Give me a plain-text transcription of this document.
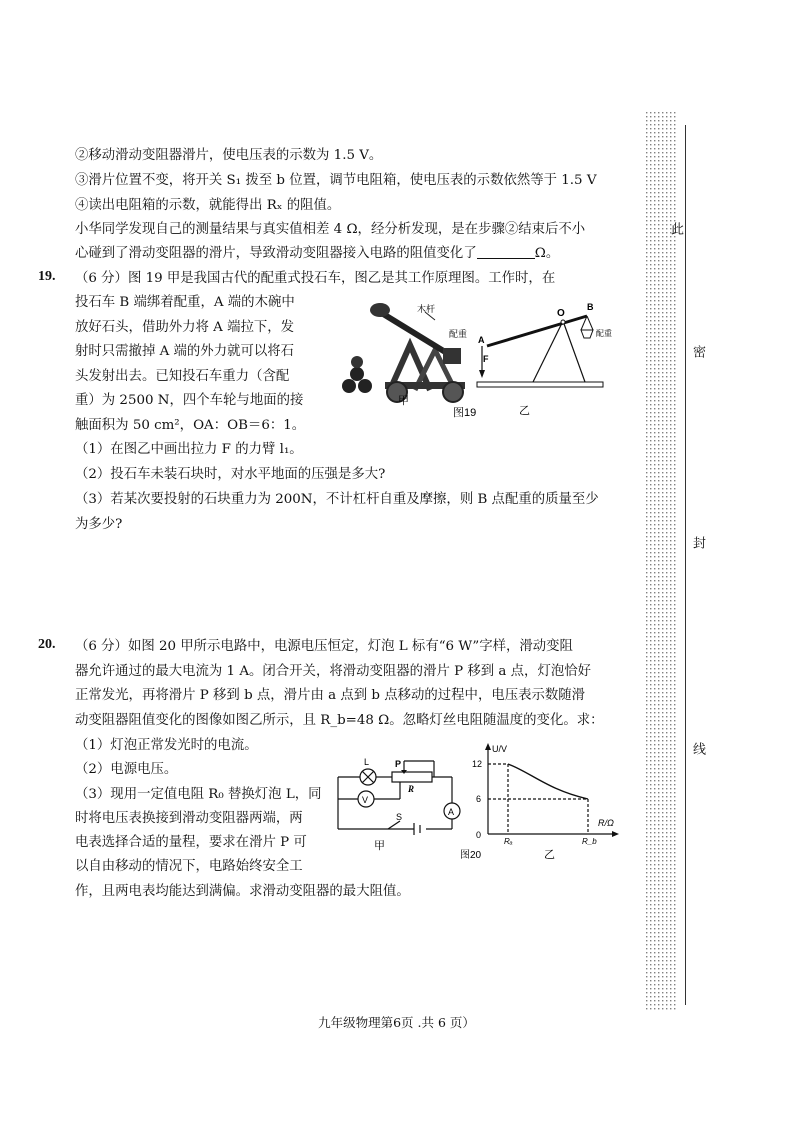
②移动滑动变阻器滑片，使电压表的示数为 1.5 V。
③滑片位置不变，将开关 S₁ 拨至 b 位置，调节电阻箱，使电压表的示数依然等于 1.5 V
④读出电阻箱的示数，就能得出 Rₓ 的阻值。
小华同学发现自己的测量结果与真实值相差 4 Ω，经分析发现，是在步骤②结束后不小
心碰到了滑动变阻器的滑片，导致滑动变阻器接入电路的阻值变化了	Ω。
19. （6 分）图 19 甲是我国古代的配重式投石车，图乙是其工作原理图。工作时，在
投石车 B 端绑着配重，A 端的木碗中
放好石头，借助外力将 A 端拉下，发
射时只需撤掉 A 端的外力就可以将石
头发射出去。已知投石车重力（含配
重）为 2500 N，四个车轮与地面的接
触面积为 50 cm²，OA：OB＝6：1。
（1）在图乙中画出拉力 F 的力臂 l₁。
（2）投石车未装石块时，对水平地面的压强是多大?
（3）若某次要投射的石块重力为 200N，不计杠杆自重及摩擦，则 B 点配重的质量至少
为多少?
木杆
配重
甲
图19
A
B
O
F
配重
乙
20. （6 分）如图 20 甲所示电路中，电源电压恒定，灯泡 L 标有“6 W”字样，滑动变阻
器允许通过的最大电流为 1 A。闭合开关，将滑动变阻器的滑片 P 移到 a 点，灯泡恰好
正常发光，再将滑片 P 移到 b 点，滑片由 a 点到 b 点移动的过程中，电压表示数随滑
动变阻器阻值变化的图像如图乙所示，且 R_b=48 Ω。忽略灯丝电阻随温度的变化。求：
（1）灯泡正常发光时的电流。
（2）电源电压。
（3）现用一定值电阻 R₀ 替换灯泡 L，同
时将电压表换接到滑动变阻器两端，两
电表选择合适的量程，要求在滑片 P 可
以自由移动的情况下，电路始终安全工
作，且两电表均能达到满偏。求滑动变阻器的最大阻值。
L	P
R
V
A
S
甲
U/V
R/Ω
12
6
0
Rₐ	R_b
图20	乙
此
密
封
线
九年级物理第6页 .共 6 页）
